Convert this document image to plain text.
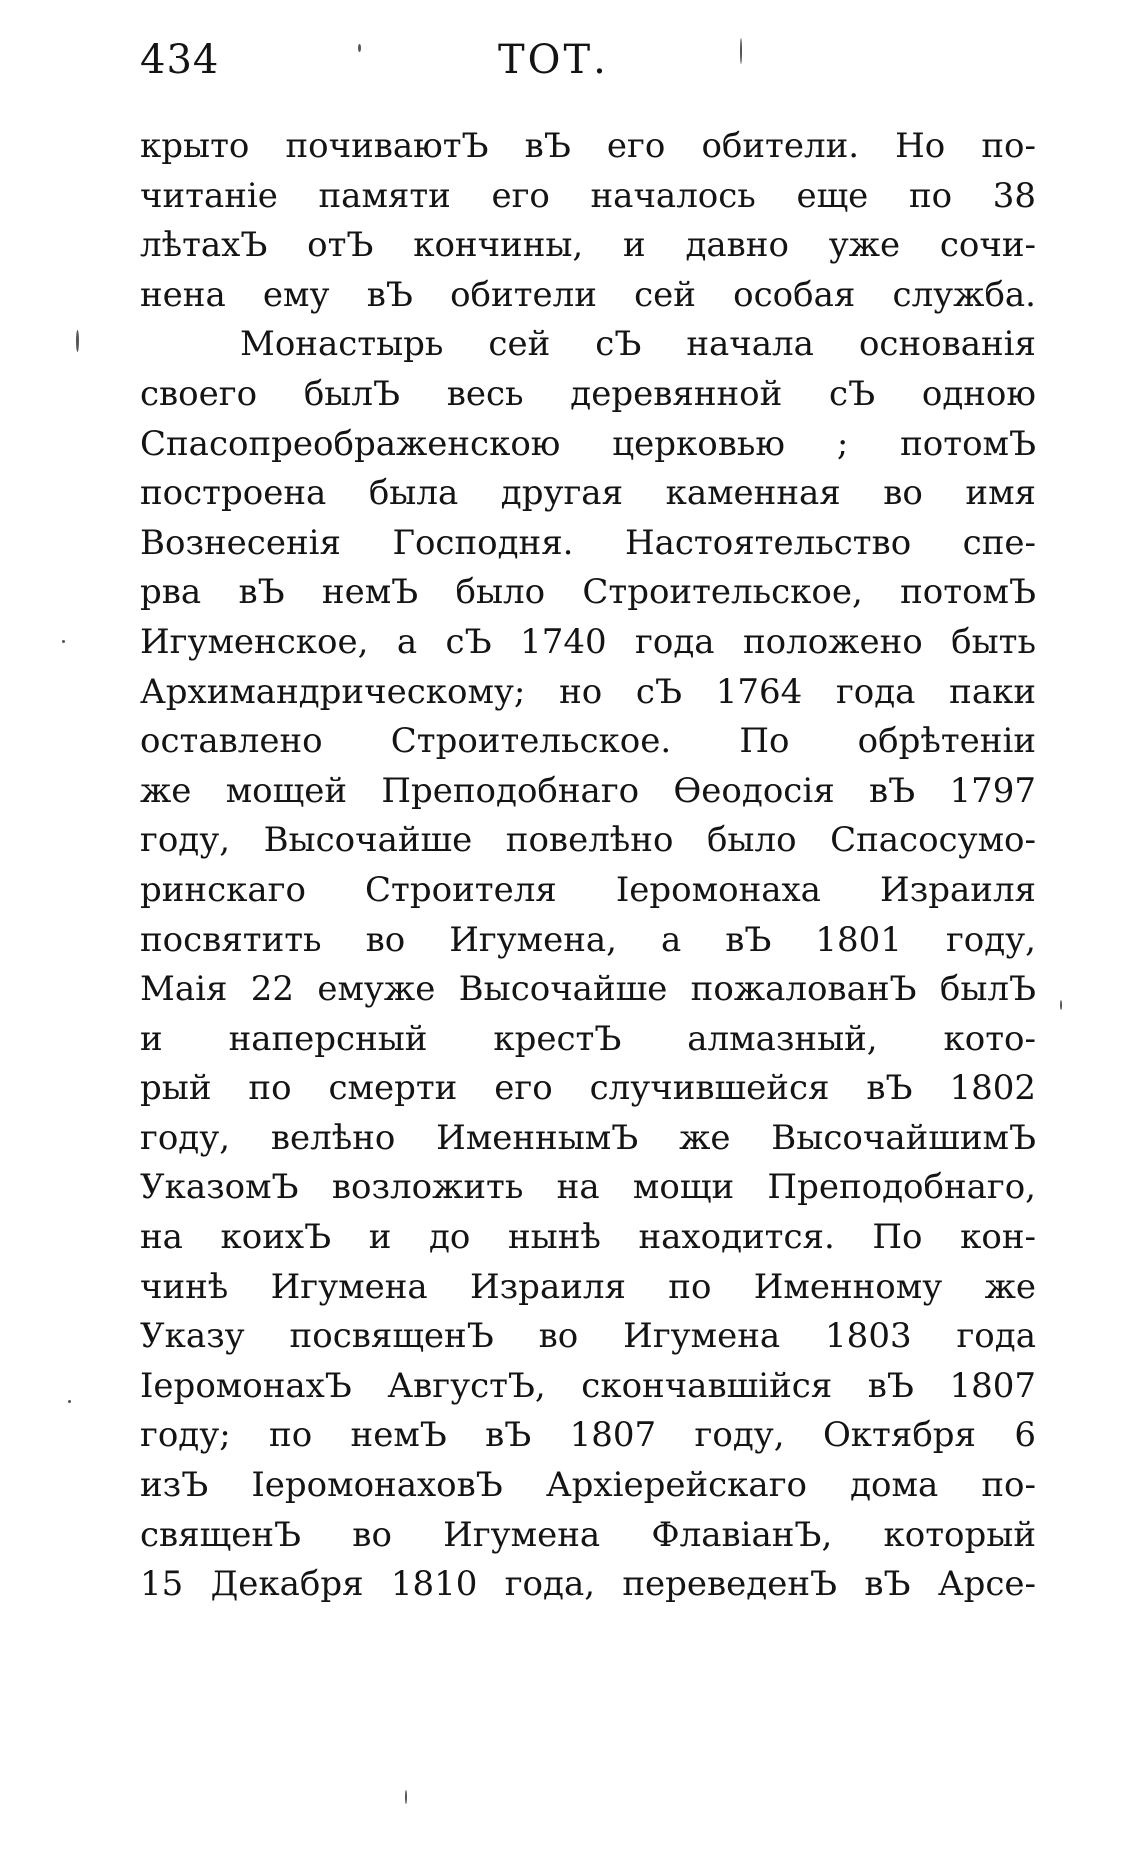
434	ТОТ.
крыто почиваютЪ вЪ его обители. Но по-
читаніе памяти его началось еще по 38
лѣтахЪ отЪ кончины, и давно уже сочи-
нена ему вЪ обители сей особая служба.
Монастырь сей сЪ начала основанія
своего былЪ весь деревянной сЪ одною
Спасопреображенскою церковью ; потомЪ
построена была другая каменная во имя
Вознесенія Господня. Настоятельство спе-
рва вЪ немЪ было Строительское, потомЪ
Игуменское, а сЪ 1740 года положено быть
Архимандрическому; но сЪ 1764 года паки
оставлено Строительское. По обрѣтеніи
же мощей Преподобнаго Ѳеодосія вЪ 1797
году, Высочайше повелѣно было Спасосумо-
ринскаго Строителя Іеромонаха Израиля
посвятить во Игумена, а вЪ 1801 году,
Маія 22 емуже Высочайше пожалованЪ былЪ
и наперсный крестЪ алмазный, кото-
рый по смерти его случившейся вЪ 1802
году, велѣно ИменнымЪ же ВысочайшимЪ
УказомЪ возложить на мощи Преподобнаго,
на коихЪ и до нынѣ находится. По кон-
чинѣ Игумена Израиля по Именному же
Указу посвященЪ во Игумена 1803 года
ІеромонахЪ АвгустЪ, скончавшійся вЪ 1807
году; по немЪ вЪ 1807 году, Октября 6
изЪ ІеромонаховЪ Архіерейскаго дома по-
священЪ во Игумена ФлавіанЪ, который
15 Декабря 1810 года, переведенЪ вЪ Арсе-
